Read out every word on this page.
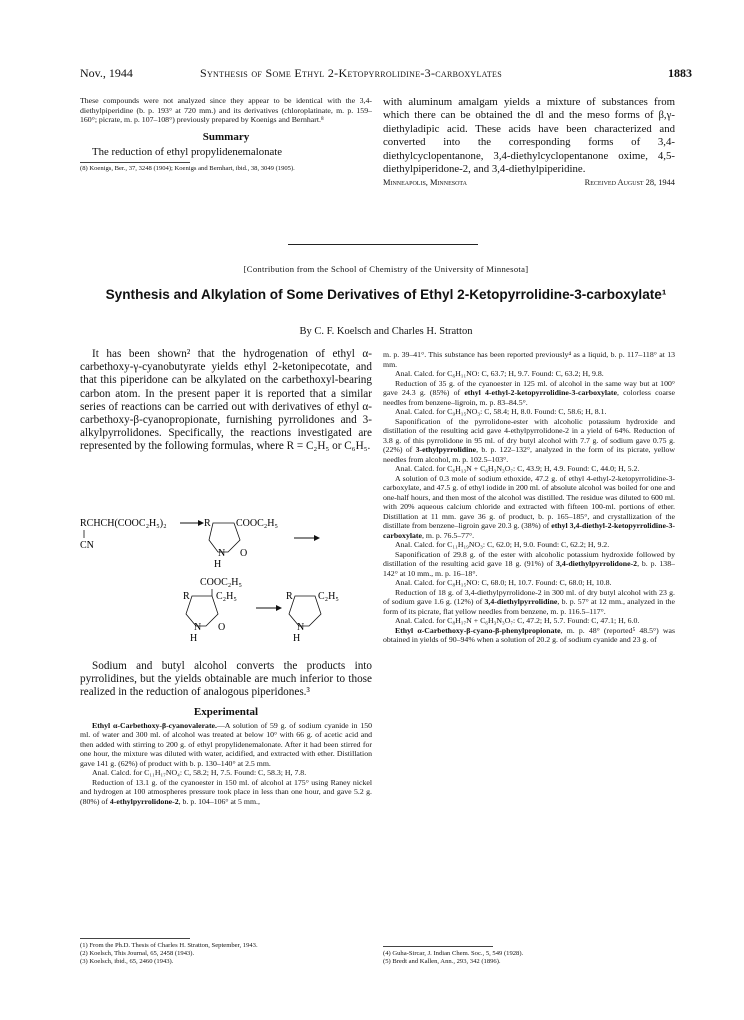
Nov., 1944	Synthesis of Some Ethyl 2-Ketopyrrolidine-3-carboxylates	1883

These compounds were not analyzed since they appear to be identical with the 3,4-diethylpiperidine (b. p. 193° at 720 mm.) and its derivatives (chloroplatinate, m. p. 159–160°; picrate, m. p. 107–108°) previously prepared by Koenigs and Bernhart.⁸

Summary

The reduction of ethyl propylidenemalonate

(8) Koenigs, Ber., 37, 3248 (1904); Koenigs and Bernhart, ibid., 38, 3049 (1905).

with aluminum amalgam yields a mixture of substances from which there can be obtained the dl and the meso forms of β,γ-diethyladipic acid. These acids have been characterized and converted into the corresponding forms of 3,4-diethylcyclopentanone, 3,4-diethylcyclopentanone oxime, 4,5-diethylpiperidone-2, and 3,4-diethylpiperidine.

Minneapolis, Minnesota	Received August 28, 1944
[Contribution from the School of Chemistry of the University of Minnesota]
Synthesis and Alkylation of Some Derivatives of Ethyl 2-Ketopyrrolidine-3-carboxylate¹
By C. F. Koelsch and Charles H. Stratton

It has been shown² that the hydrogenation of ethyl α-carbethoxy-γ-cyanobutyrate yields ethyl 2-ketonipecotate, and that this piperidone can be alkylated on the carbethoxyl-bearing carbon atom. In the present paper it is reported that a similar series of reactions can be carried out with derivatives of ethyl α-carbethoxy-β-cyanopropionate, furnishing pyrrolidones and 3-alkylpyrrolidones. Specifically, the reactions investigated are represented by the following formulas, where R = C₂H₅ or C₆H₅.

RCHCH(COOC₂H₅)₂
CN
R	COOC₂H₅
N
H
O
COOC₂H₅
R	C₂H₅
N
H
O
R	C₂H₅
N
H

Sodium and butyl alcohol converts the products into pyrrolidines, but the yields obtainable are much inferior to those realized in the reduction of analogous piperidones.³

Experimental

Ethyl α-Carbethoxy-β-cyanovalerate.—A solution of 59 g. of sodium cyanide in 150 ml. of water and 300 ml. of alcohol was treated at below 10° with 66 g. of acetic acid and then added with stirring to 200 g. of ethyl propylidenemalonate. After it had been stirred for one hour, the mixture was diluted with water, acidified, and extracted with ether. Distillation gave 141 g. (62%) of product with b. p. 130–140° at 2.5 mm.

Anal. Calcd. for C₁₁H₁₇NO₄: C, 58.2; H, 7.5. Found: C, 58.3; H, 7.8.

Reduction of 13.1 g. of the cyanoester in 150 ml. of alcohol at 175° using Raney nickel and hydrogen at 100 atmospheres pressure took place in less than one hour, and gave 5.2 g. (80%) of 4-ethylpyrrolidone-2, b. p. 104–106° at 5 mm.,

(1) From the Ph.D. Thesis of Charles H. Stratton, September, 1943.

(2) Koelsch, This Journal, 65, 2458 (1943).

(3) Koelsch, ibid., 65, 2460 (1943).

m. p. 39–41°. This substance has been reported previously⁴ as a liquid, b. p. 117–118° at 13 mm.

Anal. Calcd. for C₆H₁₁NO: C, 63.7; H, 9.7. Found: C, 63.2; H, 9.8.

Reduction of 35 g. of the cyanoester in 125 ml. of alcohol in the same way but at 100° gave 24.3 g. (85%) of ethyl 4-ethyl-2-ketopyrrolidine-3-carboxylate, colorless coarse needles from benzene–ligroin, m. p. 83–84.5°.

Anal. Calcd. for C₉H₁₅NO₃: C, 58.4; H, 8.0. Found: C, 58.6; H, 8.1.

Saponification of the pyrrolidone-ester with alcoholic potassium hydroxide and distillation of the resulting acid gave 4-ethylpyrrolidone-2 in a yield of 64%. Reduction of 3.8 g. of this pyrrolidone in 95 ml. of dry butyl alcohol with 7.7 g. of sodium gave 0.75 g. (22%) of 3-ethylpyrrolidine, b. p. 122–132°, analyzed in the form of its picrate, yellow needles from alcohol, m. p. 102.5–103°.

Anal. Calcd. for C₆H₁₃N + C₆H₃N₃O₇: C, 43.9; H, 4.9. Found: C, 44.0; H, 5.2.

A solution of 0.3 mole of sodium ethoxide, 47.2 g. of ethyl 4-ethyl-2-ketopyrrolidine-3-carboxylate, and 47.5 g. of ethyl iodide in 200 ml. of absolute alcohol was boiled for one and one-half hours, and then most of the alcohol was distilled. The residue was diluted to 600 ml. with 20% aqueous calcium chloride and extracted with fifteen 100-ml. portions of ether. Distillation at 11 mm. gave 36 g. of product, b. p. 165–185°, and crystallization of the distillate from benzene–ligroin gave 20.3 g. (38%) of ethyl 3,4-diethyl-2-ketopyrrolidine-3-carboxylate, m. p. 76.5–77°.

Anal. Calcd. for C₁₁H₁₉NO₃: C, 62.0; H, 9.0. Found: C, 62.2; H, 9.2.

Saponification of 29.8 g. of the ester with alcoholic potassium hydroxide followed by distillation of the resulting acid gave 18 g. (91%) of 3,4-diethylpyrrolidone-2, b. p. 138–142° at 10 mm., m. p. 16–18°.

Anal. Calcd. for C₈H₁₅NO: C, 68.0; H, 10.7. Found: C, 68.0; H, 10.8.

Reduction of 18 g. of 3,4-diethylpyrrolidone-2 in 300 ml. of dry butyl alcohol with 23 g. of sodium gave 1.6 g. (12%) of 3,4-diethylpyrrolidine, b. p. 57° at 12 mm., analyzed in the form of its picrate, flat yellow needles from benzene, m. p. 116.5–117°.

Anal. Calcd. for C₈H₁₇N + C₆H₃N₃O₇: C, 47.2; H, 5.7. Found: C, 47.1; H, 6.0.

Ethyl α-Carbethoxy-β-cyano-β-phenylpropionate, m. p. 48° (reported⁵ 48.5°) was obtained in yields of 90–94% when a solution of 20.2 g. of sodium cyanide and 23 g. of

(4) Guha-Sircar, J. Indian Chem. Soc., 5, 549 (1928).

(5) Bredt and Kallen, Ann., 293, 342 (1896).
